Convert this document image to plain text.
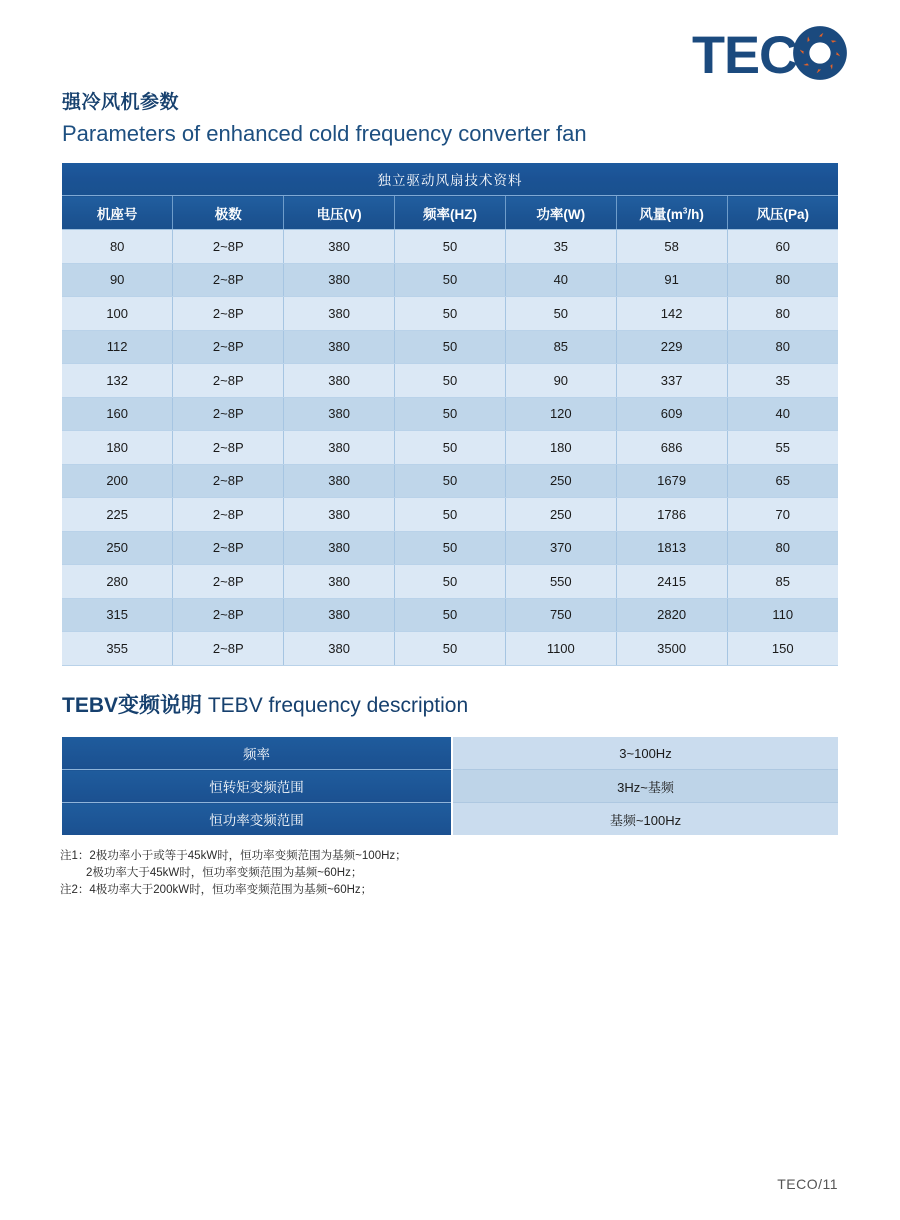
TEC

强冷风机参数

Parameters of enhanced cold frequency converter fan

独立驱动风扇技术资料						
机座号	极数	电压(V)	频率(HZ)	功率(W)	风量$(m^3/h)$	风压(Pa)
80	2~8P	380	50	35	58	60
90	2~8P	380	50	40	91	80
100	2~8P	380	50	50	142	80
112	2~8P	380	50	85	229	80
132	2~8P	380	50	90	337	35
160	2~8P	380	50	120	609	40
180	2~8P	380	50	180	686	55
200	2~8P	380	50	250	1679	65
225	2~8P	380	50	250	1786	70
250	2~8P	380	50	370	1813	80
280	2~8P	380	50	550	2415	85
315	2~8P	380	50	750	2820	110
355	2~8P	380	50	1100	3500	150

TEBV变频说明 TEBV frequency description

频率	3~100Hz
恒转矩变频范围	3Hz~基频
恒功率变频范围	基频~100Hz
注1：2极功率小于或等于45kW时，恒功率变频范围为基频~100Hz；
2极功率大于45kW时，恒功率变频范围为基频~60Hz；
注2：4极功率大于200kW时，恒功率变频范围为基频~60Hz；
TECO/11
